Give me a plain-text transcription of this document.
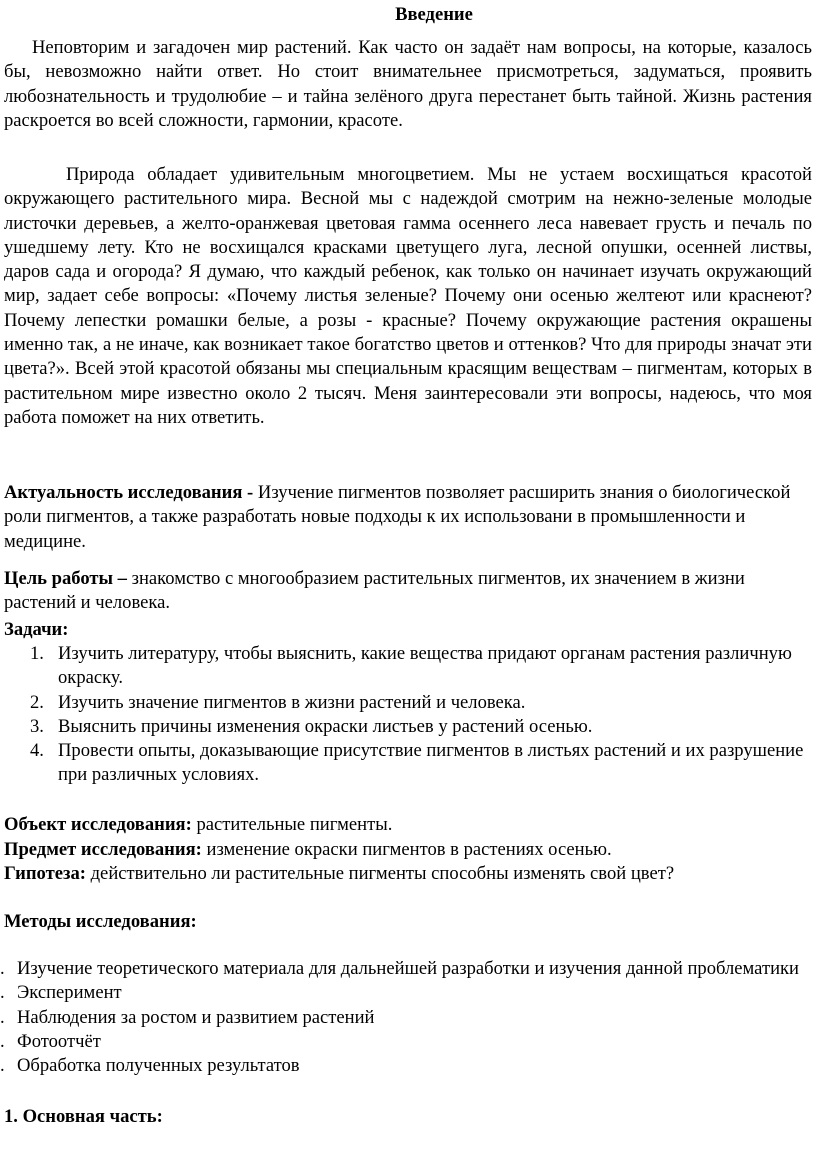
Введение

Неповторим и загадочен мир растений. Как часто он задаёт нам вопросы, на которые, казалось бы, невозможно найти ответ. Но стоит внимательнее присмотреться, задуматься, проявить любознательность и трудолюбие – и тайна зелёного друга перестанет быть тайной. Жизнь растения раскроется во всей сложности, гармонии, красоте.

Природа обладает удивительным многоцветием. Мы не устаем восхищаться красотой окружающего растительного мира. Весной мы с надеждой смотрим на нежно-зеленые молодые листочки деревьев, а желто-оранжевая цветовая гамма осеннего леса навевает грусть и печаль по ушедшему лету. Кто не восхищался красками цветущего луга, лесной опушки, осенней листвы, даров сада и огорода? Я думаю, что каждый ребенок, как только он начинает изучать окружающий мир, задает себе вопросы: «Почему листья зеленые? Почему они осенью желтеют или краснеют? Почему лепестки ромашки белые, а розы - красные? Почему окружающие растения окрашены именно так, а не иначе, как возникает такое богатство цветов и оттенков? Что для природы значат эти цвета?». Всей этой красотой обязаны мы специальным красящим веществам – пигментам, которых в растительном мире известно около 2 тысяч. Меня заинтересовали эти вопросы, надеюсь, что моя работа поможет на них ответить.

Актуальность исследования - Изучение пигментов позволяет расширить знания о биологической роли пигментов, а также разработать новые подходы к их использовани в промышленности и медицине.

Цель работы – знакомство с многообразием растительных пигментов, их значением в жизни растений и человека.

Задачи:

1. Изучить литературу, чтобы выяснить, какие вещества придают органам растения различную окраску.
2. Изучить значение пигментов в жизни растений и человека.
3. Выяснить причины изменения окраски листьев у растений осенью.
4. Провести опыты, доказывающие присутствие пигментов в листьях растений и их разрушение при различных условиях.

Объект исследования: растительные пигменты.

Предмет исследования: изменение окраски пигментов в растениях осенью.

Гипотеза: действительно ли растительные пигменты способны изменять свой цвет?

Методы исследования:

. Изучение теоретического материала для дальнейшей разработки и изучения данной проблематики
. Эксперимент
. Наблюдения за ростом и развитием растений
. Фотоотчёт
. Обработка полученных результатов

1. Основная часть:
